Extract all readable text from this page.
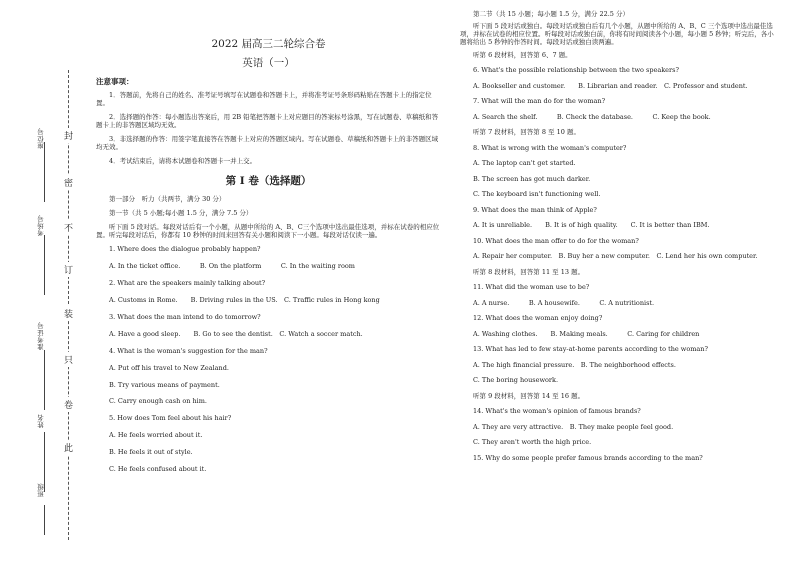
封
密
不
订
装
只
卷
此
座位号
考场号
准考证号
姓名
班级
2022 届高三二轮综合卷
英语（一）
注意事项：
1．答题前，先将自己的姓名、准考证号填写在试题卷和答题卡上，并将准考证号条形码粘贴在答题卡上的指定位置。
2．选择题的作答：每小题选出答案后，用 2B 铅笔把答题卡上对应题目的答案标号涂黑，写在试题卷、草稿纸和答题卡上的非答题区域均无效。
3．非选择题的作答：用签字笔直接答在答题卡上对应的答题区域内。写在试题卷、草稿纸和答题卡上的非答题区域均无效。
4．考试结束后，请将本试题卷和答题卡一并上交。
第 I 卷（选择题）
第一部分　听力（共两节，满分 30 分）
第一节（共 5 小题;每小题 1.5 分，满分 7.5 分）
听下面 5 段对话。每段对话后有一个小题，从题中所给的 A、B、C三个选项中选出最佳选项，并标在试卷的相应位置。听完每段对话后，你都有 10 秒钟的时间来回答有关小题和阅读下一小题。每段对话仅读一遍。
1. Where does the dialogue probably happen?
A. In the ticket office.　　　B. On the platform　　　C. In the waiting room
2. What are the speakers mainly talking about?
A. Customs in Rome.　　B. Driving rules in the US.　C. Traffic rules in Hong kong
3. What does the man intend to do tomorrow?
A. Have a good sleep.　　B. Go to see the dentist.　C. Watch a soccer match.
4. What is the woman's suggestion for the man?
A. Put off his travel to New Zealand.
B. Try various means of payment.
C. Carry enough cash on him.
5. How does Tom feel about his hair?
A. He feels worried about it.
B. He feels it out of style.
C. He feels confused about it.
第二节（共 15 小题；每小题 1.5 分，满分 22.5 分）
听下面 5 段对话或独白。每段对话或独白后有几个小题，从题中所给的 A、B、C 三个选项中选出最佳选项，并标在试卷的相应位置。听每段对话或独白前，你将有时间阅读各个小题，每小题 5 秒钟；听完后，各小题将给出 5 秒钟的作答时间。每段对话或独白读两遍。
听第 6 段材料，回答第 6、7 题。
6. What's the possible relationship between the two speakers?
A. Bookseller and customer.　　B. Librarian and reader.　C. Professor and student.
7. What will the man do for the woman?
A. Search the shelf.　　　B. Check the database.　　　C. Keep the book.
听第 7 段材料，回答第 8 至 10 题。
8. What is wrong with the woman's computer?
A. The laptop can't get started.
B. The screen has got much darker.
C. The keyboard isn't functioning well.
9. What does the man think of Apple?
A. It is unreliable.　　B. It is of high quality.　　C. It is better than IBM.
10. What does the man offer to do for the woman?
A. Repair her computer.　B. Buy her a new computer.　C. Lend her his own computer.
听第 8 段材料，回答第 11 至 13 题。
11. What did the woman use to be?
A. A nurse.　　　B. A housewife.　　　C. A nutritionist.
12. What does the woman enjoy doing?
A. Washing clothes.　　B. Making meals.　　　C. Caring for children
13. What has led to few stay-at-home parents according to the woman?
A. The high financial pressure.　B. The neighborhood effects.
C. The boring housework.
听第 9 段材料，回答第 14 至 16 题。
14. What's the woman's opinion of famous brands?
A. They are very attractive.　B. They make people feel good.
C. They aren't worth the high price.
15. Why do some people prefer famous brands according to the man?
